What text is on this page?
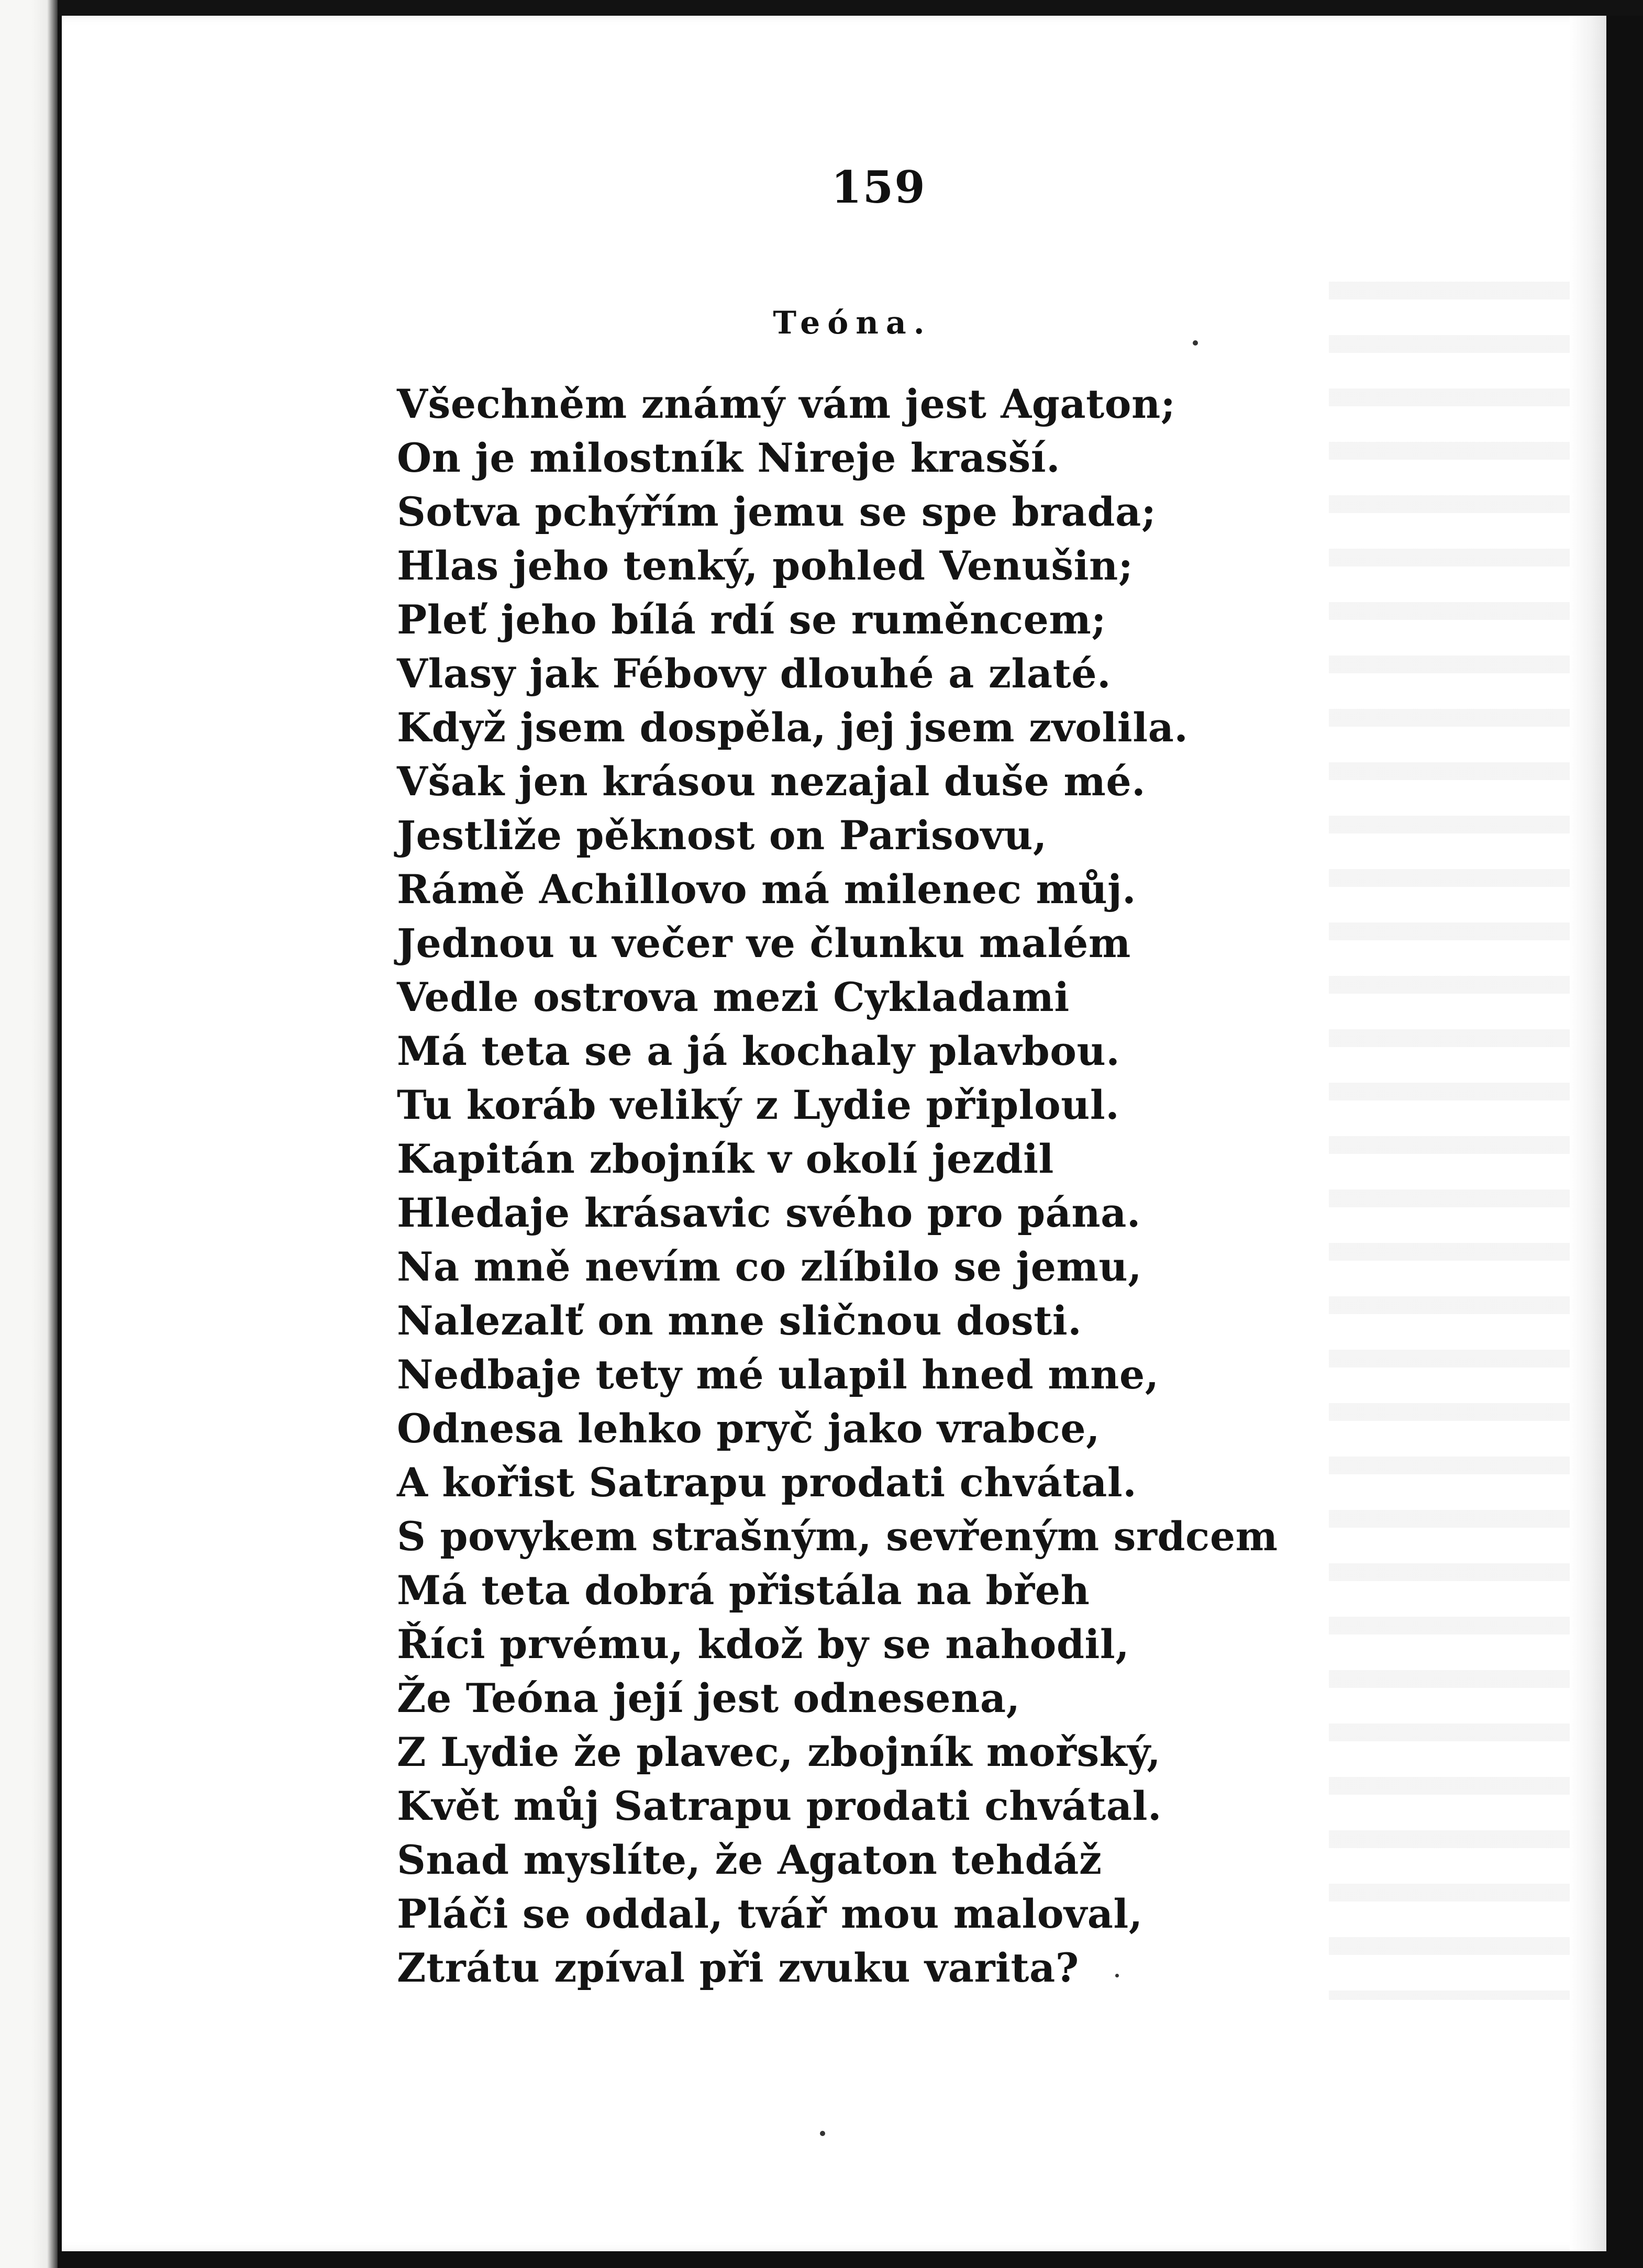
159
Teóna.
Všechněm známý vám jest Agaton;
On je milostník Nireje krasší.
Sotva pchýřím jemu se spe brada;
Hlas jeho tenký, pohled Venušin;
Pleť jeho bílá rdí se ruměncem;
Vlasy jak Fébovy dlouhé a zlaté.
Když jsem dospěla, jej jsem zvolila.
Však jen krásou nezajal duše mé.
Jestliže pěknost on Parisovu,
Rámě Achillovo má milenec můj.
Jednou u večer ve člunku malém
Vedle ostrova mezi Cykladami
Má teta se a já kochaly plavbou.
Tu koráb veliký z Lydie připloul.
Kapitán zbojník v okolí jezdil
Hledaje krásavic svého pro pána.
Na mně nevím co zlíbilo se jemu,
Nalezalť on mne sličnou dosti.
Nedbaje tety mé ulapil hned mne,
Odnesa lehko pryč jako vrabce,
A kořist Satrapu prodati chvátal.
S povykem strašným, sevřeným srdcem
Má teta dobrá přistála na břeh
Říci prvému, kdož by se nahodil,
Že Teóna její jest odnesena,
Z Lydie že plavec, zbojník mořský,
Květ můj Satrapu prodati chvátal.
Snad myslíte, že Agaton tehdáž
Pláči se oddal, tvář mou maloval,
Ztrátu zpíval při zvuku varita?
